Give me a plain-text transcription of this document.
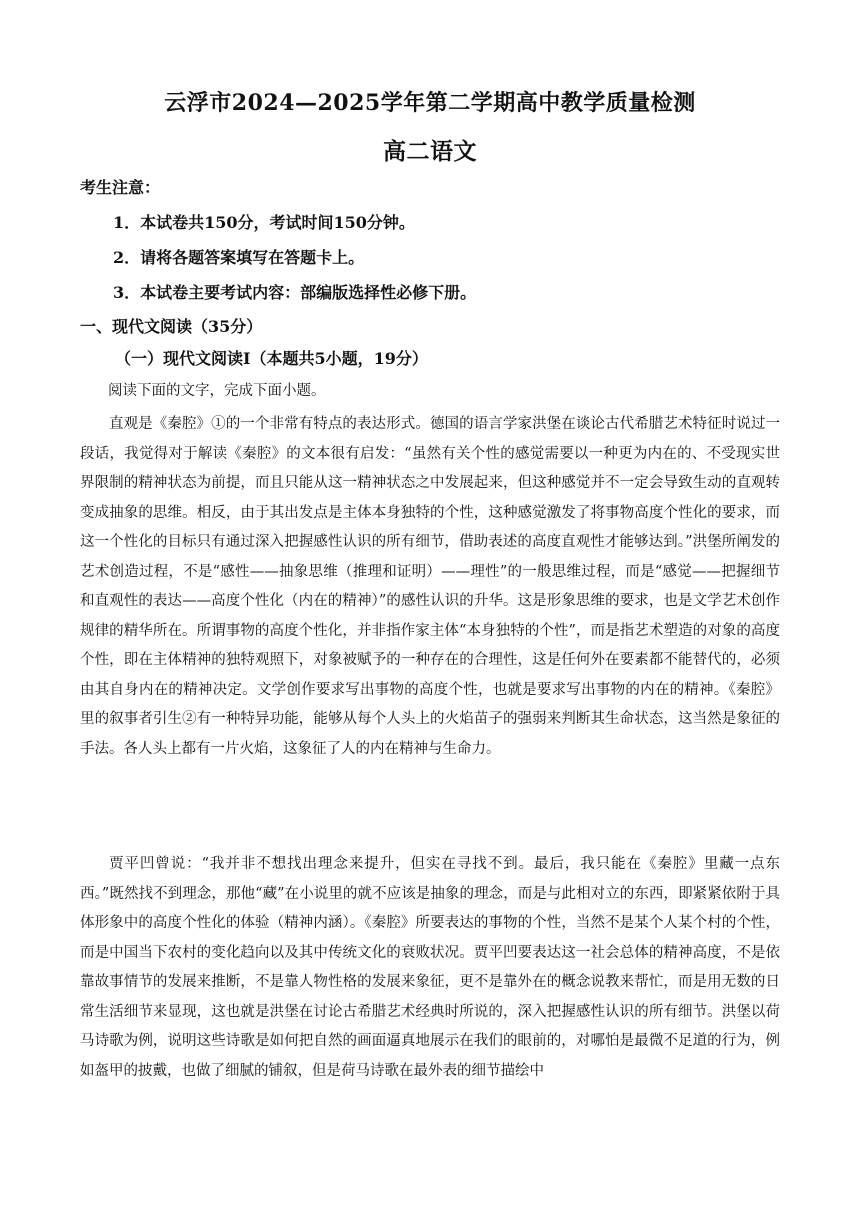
云浮市2024—2025学年第二学期高中教学质量检测
高二语文
考生注意：
1．本试卷共150分，考试时间150分钟。
2．请将各题答案填写在答题卡上。
3．本试卷主要考试内容：部编版选择性必修下册。
一、现代文阅读（35分）
（一）现代文阅读Ⅰ（本题共5小题，19分）
阅读下面的文字，完成下面小题。

直观是《秦腔》①的一个非常有特点的表达形式。德国的语言学家洪堡在谈论古代希腊艺术特征时说过一段话，我觉得对于解读《秦腔》的文本很有启发：“虽然有关个性的感觉需要以一种更为内在的、不受现实世界限制的精神状态为前提，而且只能从这一精神状态之中发展起来，但这种感觉并不一定会导致生动的直观转变成抽象的思维。相反，由于其出发点是主体本身独特的个性，这种感觉激发了将事物高度个性化的要求，而这一个性化的目标只有通过深入把握感性认识的所有细节，借助表述的高度直观性才能够达到。”洪堡所阐发的艺术创造过程，不是“感性——抽象思维（推理和证明）——理性”的一般思维过程，而是“感觉——把握细节和直观性的表达——高度个性化（内在的精神）”的感性认识的升华。这是形象思维的要求，也是文学艺术创作规律的精华所在。所谓事物的高度个性化，并非指作家主体“本身独特的个性”，而是指艺术塑造的对象的高度个性，即在主体精神的独特观照下，对象被赋予的一种存在的合理性，这是任何外在要素都不能替代的，必须由其自身内在的精神决定。文学创作要求写出事物的高度个性，也就是要求写出事物的内在的精神。《秦腔》里的叙事者引生②有一种特异功能，能够从每个人头上的火焰苗子的强弱来判断其生命状态，这当然是象征的手法。各人头上都有一片火焰，这象征了人的内在精神与生命力。

贾平凹曾说：“我并非不想找出理念来提升，但实在寻找不到。最后，我只能在《秦腔》里藏一点东西。”既然找不到理念，那他“藏”在小说里的就不应该是抽象的理念，而是与此相对立的东西，即紧紧依附于具体形象中的高度个性化的体验（精神内涵）。《秦腔》所要表达的事物的个性，当然不是某个人某个村的个性，而是中国当下农村的变化趋向以及其中传统文化的衰败状况。贾平凹要表达这一社会总体的精神高度，不是依靠故事情节的发展来推断，不是靠人物性格的发展来象征，更不是靠外在的概念说教来帮忙，而是用无数的日常生活细节来显现，这也就是洪堡在讨论古希腊艺术经典时所说的，深入把握感性认识的所有细节。洪堡以荷马诗歌为例，说明这些诗歌是如何把自然的画面逼真地展示在我们的眼前的，对哪怕是最微不足道的行为，例如盔甲的披戴，也做了细腻的铺叙，但是荷马诗歌在最外表的细节描绘中
